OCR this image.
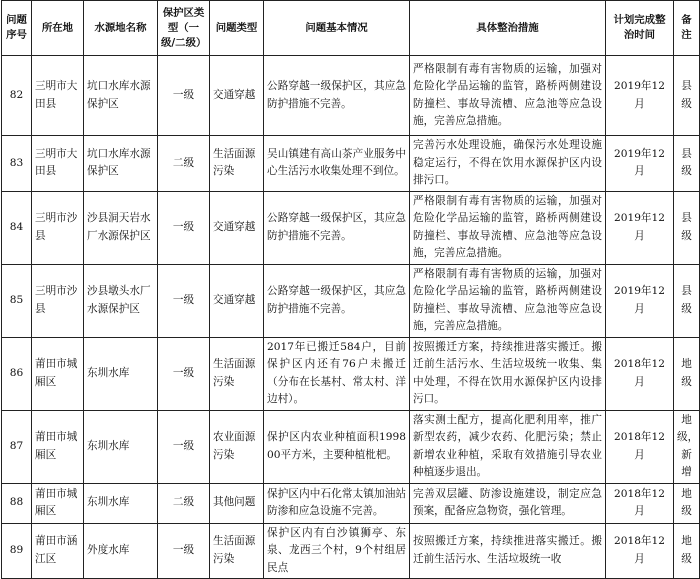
问题序号	所在地	水源地名称	保护区类型（一级/二级）	问题类型	问题基本情况	具体整治措施	计划完成整治时间	备注
82	三明市大田县	坑口水库水源保护区	一级	交通穿越	公路穿越一级保护区，其应急防护措施不完善。	严格限制有毒有害物质的运输，加强对危险化学品运输的监管，路桥两侧建设防撞栏、事故导流槽、应急池等应急设施，完善应急措施。	2019年12月	县级
83	三明市大田县	坑口水库水源保护区	二级	生活面源污染	吴山镇建有高山茶产业服务中心生活污水收集处理不到位。	完善污水处理设施，确保污水处理设施稳定运行，不得在饮用水源保护区内设排污口。	2019年12月	县级
84	三明市沙县	沙县洞天岩水厂水源保护区	一级	交通穿越	公路穿越一级保护区，其应急防护措施不完善。	严格限制有毒有害物质的运输，加强对危险化学品运输的监管，路桥两侧建设防撞栏、事故导流槽、应急池等应急设施，完善应急措施。	2019年12月	县级
85	三明市沙县	沙县墩头水厂水源保护区	一级	交通穿越	公路穿越一级保护区，其应急防护措施不完善。	严格限制有毒有害物质的运输，加强对危险化学品运输的监管，路桥两侧建设防撞栏、事故导流槽、应急池等应急设施，完善应急措施。	2019年12月	县级
86	莆田市城厢区	东圳水库	一级	生活面源污染	2017年已搬迁584户，目前保护区内还有76户未搬迁（分布在长基村、常太村、洋边村）。	按照搬迁方案，持续推进落实搬迁。搬迁前生活污水、生活垃圾统一收集、集中处理，不得在饮用水源保护区内设排污口。	2018年12月	地级
87	莆田市城厢区	东圳水库	一级	农业面源污染	保护区内农业种植面积199800平方米，主要种植枇杷。	落实测土配方，提高化肥利用率，推广新型农药，减少农药、化肥污染；禁止新增农业种植，采取有效措施引导农业种植逐步退出。	2018年12月	地级，新增
88	莆田市城厢区	东圳水库	二级	其他问题	保护区内中石化常太镇加油站防渗和应急设施不完善。	完善双层罐、防渗设施建设，制定应急预案，配备应急物资，强化管理。	2018年12月	地级
89	莆田市涵江区	外度水库	一级	生活面源污染	保护区内有白沙镇狮亭、东泉、龙西三个村，9个村组居民点	按照搬迁方案，持续推进落实搬迁。搬迁前生活污水、生活垃圾统一收	2018年12月	地级
